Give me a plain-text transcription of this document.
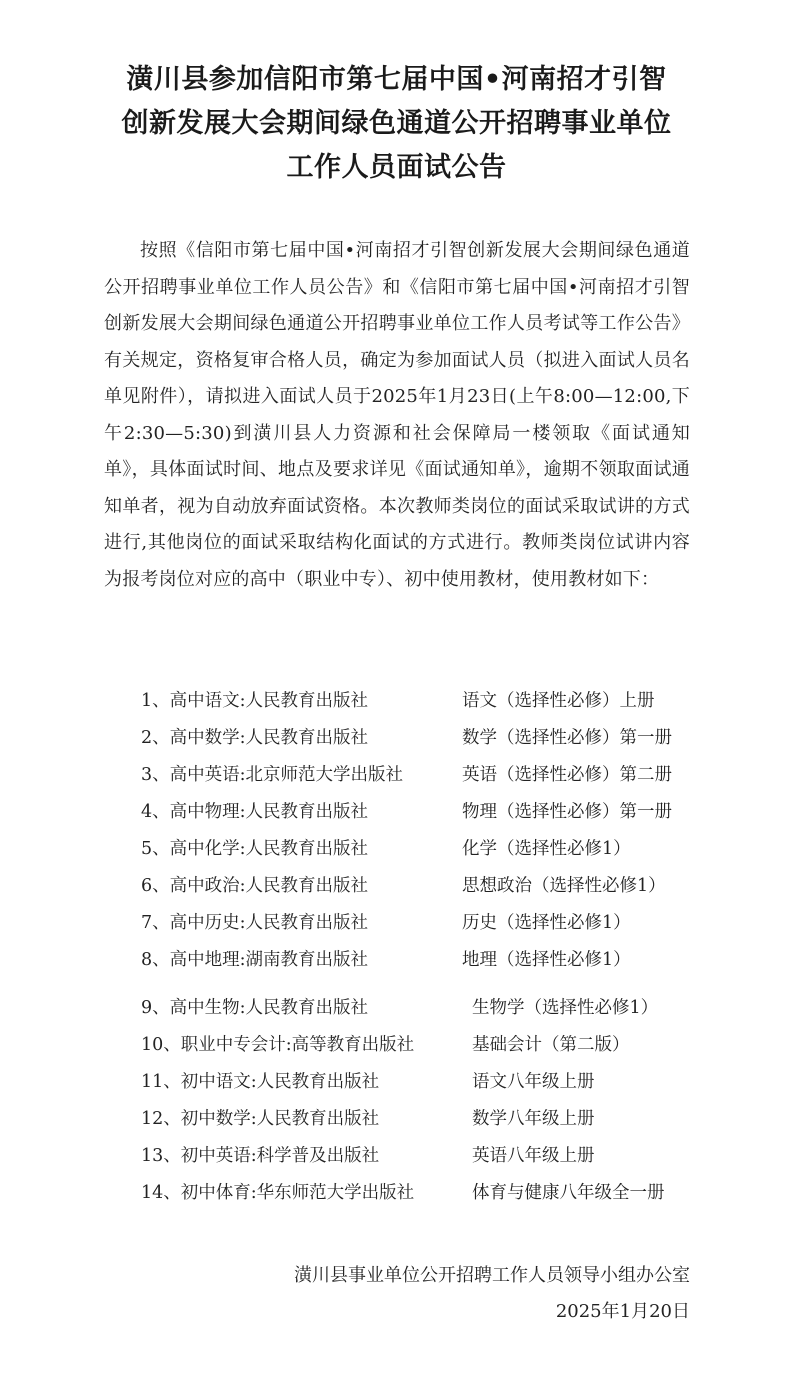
潢川县参加信阳市第七届中国•河南招才引智
创新发展大会期间绿色通道公开招聘事业单位
工作人员面试公告

按照《信阳市第七届中国•河南招才引智创新发展大会期间绿色通道公开招聘事业单位工作人员公告》和《信阳市第七届中国•河南招才引智创新发展大会期间绿色通道公开招聘事业单位工作人员考试等工作公告》有关规定，资格复审合格人员，确定为参加面试人员（拟进入面试人员名单见附件），请拟进入面试人员于2025年1月23日(上午8:00—12:00,下午2:30—5:30)到潢川县人力资源和社会保障局一楼领取《面试通知单》，具体面试时间、地点及要求详见《面试通知单》，逾期不领取面试通知单者，视为自动放弃面试资格。本次教师类岗位的面试采取试讲的方式进行,其他岗位的面试采取结构化面试的方式进行。教师类岗位试讲内容为报考岗位对应的高中（职业中专）、初中使用教材，使用教材如下：

1、高中语文:人民教育出版社	语文（选择性必修）上册
2、高中数学:人民教育出版社	数学（选择性必修）第一册
3、高中英语:北京师范大学出版社	英语（选择性必修）第二册
4、高中物理:人民教育出版社	物理（选择性必修）第一册
5、高中化学:人民教育出版社	化学（选择性必修1）
6、高中政治:人民教育出版社	思想政治（选择性必修1）
7、高中历史:人民教育出版社	历史（选择性必修1）
8、高中地理:湖南教育出版社	地理（选择性必修1）
9、高中生物:人民教育出版社	生物学（选择性必修1）
10、职业中专会计:高等教育出版社	基础会计（第二版）
11、初中语文:人民教育出版社	语文八年级上册
12、初中数学:人民教育出版社	数学八年级上册
13、初中英语:科学普及出版社	英语八年级上册
14、初中体育:华东师范大学出版社	体育与健康八年级全一册
潢川县事业单位公开招聘工作人员领导小组办公室
2025年1月20日
